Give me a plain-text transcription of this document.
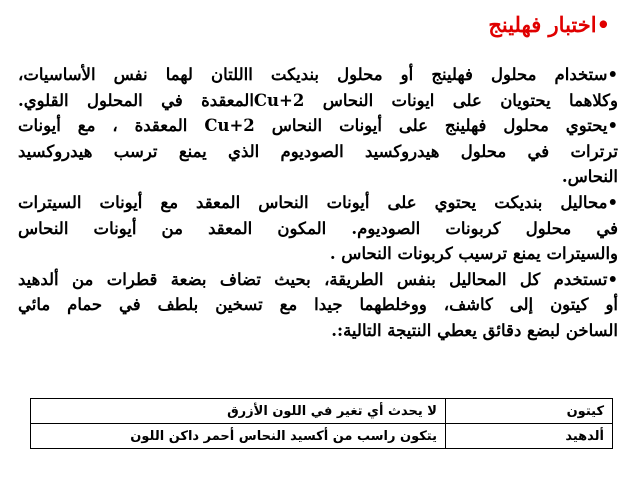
•اختبار فهلينج
•ستخدام محلول فهلينج أو محلول بنديكت االلتان لهما نفس الأساسيات،
وكلاهما يحتويان على ايونات النحاس Cu+2المعقدة في المحلول القلوي.
•يحتوي محلول فهلينج على أيونات النحاس Cu+2 المعقدة ، مع أيونات
ترترات في محلول هيدروكسيد الصوديوم الذي يمنع ترسب هيدروكسيد
النحاس.
•محاليل بنديكت يحتوي على أيونات النحاس المعقد مع أيونات السيترات
في محلول كربونات الصوديوم. المكون المعقد من أيونات النحاس
والسيترات يمنع ترسيب كربونات النحاس .
•تستخدم كل المحاليل بنفس الطريقة، بحيث تضاف بضعة قطرات من ألدهيد
أو كيتون إلى كاشف، ووخلطهما جيدا مع تسخين بلطف في حمام مائي
الساخن لبضع دقائق يعطي النتيجة التالية:.
كيتون	لا يحدث أي تغير في اللون الأزرق
ألدهيد	يتكون راسب من أكسيد النحاس أحمر داكن اللون
